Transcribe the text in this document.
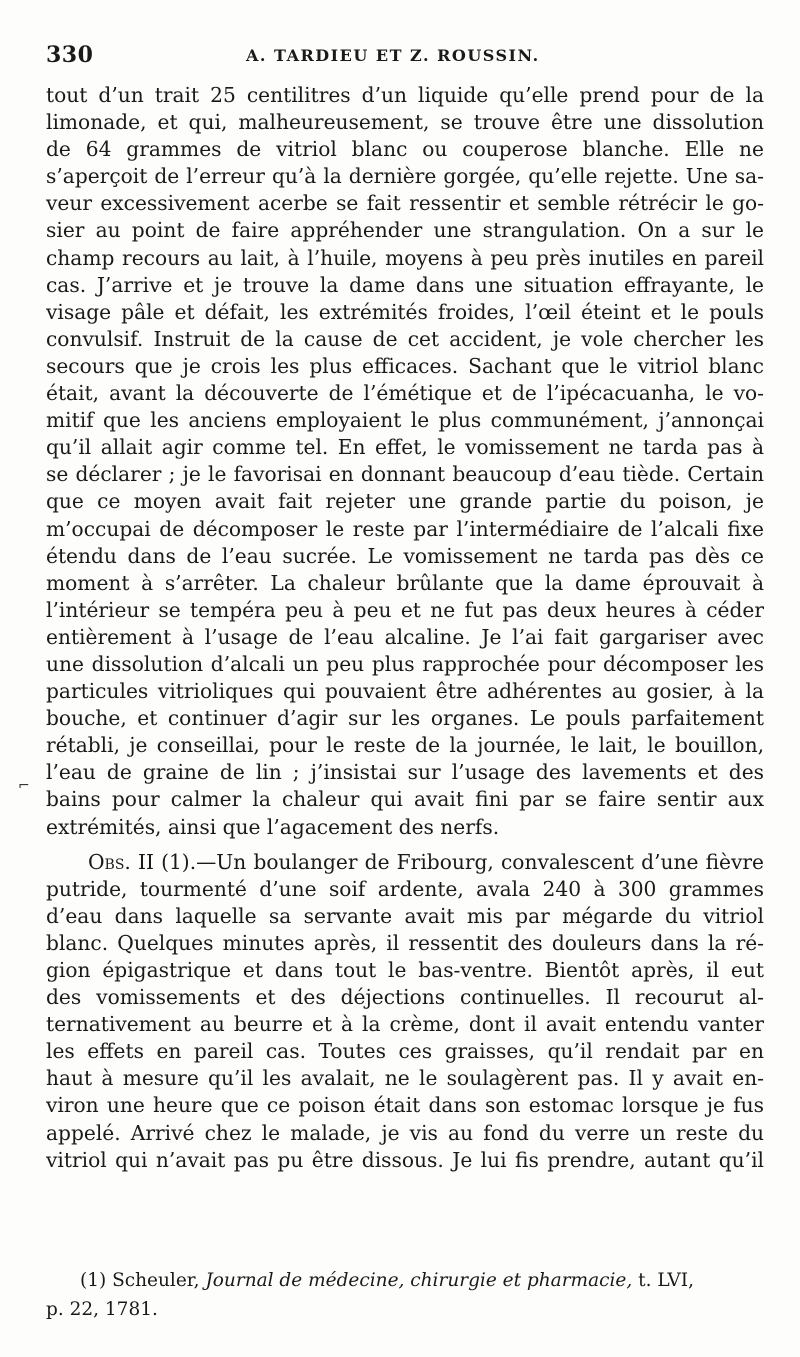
330	A. TARDIEU ET Z. ROUSSIN.
⌐
tout d’un trait 25 centilitres d’un liquide qu’elle prend pour de la
limonade, et qui, malheureusement, se trouve être une dissolution
de 64 grammes de vitriol blanc ou couperose blanche. Elle ne
s’aperçoit de l’erreur qu’à la dernière gorgée, qu’elle rejette. Une sa-
veur excessivement acerbe se fait ressentir et semble rétrécir le go-
sier au point de faire appréhender une strangulation. On a sur le
champ recours au lait, à l’huile, moyens à peu près inutiles en pareil
cas. J’arrive et je trouve la dame dans une situation effrayante, le
visage pâle et défait, les extrémités froides, l’œil éteint et le pouls
convulsif. Instruit de la cause de cet accident, je vole chercher les
secours que je crois les plus efficaces. Sachant que le vitriol blanc
était, avant la découverte de l’émétique et de l’ipécacuanha, le vo-
mitif que les anciens employaient le plus communément, j’annonçai
qu’il allait agir comme tel. En effet, le vomissement ne tarda pas à
se déclarer ; je le favorisai en donnant beaucoup d’eau tiède. Certain
que ce moyen avait fait rejeter une grande partie du poison, je
m’occupai de décomposer le reste par l’intermédiaire de l’alcali fixe
étendu dans de l’eau sucrée. Le vomissement ne tarda pas dès ce
moment à s’arrêter. La chaleur brûlante que la dame éprouvait à
l’intérieur se tempéra peu à peu et ne fut pas deux heures à céder
entièrement à l’usage de l’eau alcaline. Je l’ai fait gargariser avec
une dissolution d’alcali un peu plus rapprochée pour décomposer les
particules vitrioliques qui pouvaient être adhérentes au gosier, à la
bouche, et continuer d’agir sur les organes. Le pouls parfaitement
rétabli, je conseillai, pour le reste de la journée, le lait, le bouillon,
l’eau de graine de lin ; j’insistai sur l’usage des lavements et des
bains pour calmer la chaleur qui avait fini par se faire sentir aux
extrémités, ainsi que l’agacement des nerfs.
Obs. II (1).—Un boulanger de Fribourg, convalescent d’une fièvre
putride, tourmenté d’une soif ardente, avala 240 à 300 grammes
d’eau dans laquelle sa servante avait mis par mégarde du vitriol
blanc. Quelques minutes après, il ressentit des douleurs dans la ré-
gion épigastrique et dans tout le bas-ventre. Bientôt après, il eut
des vomissements et des déjections continuelles. Il recourut al-
ternativement au beurre et à la crème, dont il avait entendu vanter
les effets en pareil cas. Toutes ces graisses, qu’il rendait par en
haut à mesure qu’il les avalait, ne le soulagèrent pas. Il y avait en-
viron une heure que ce poison était dans son estomac lorsque je fus
appelé. Arrivé chez le malade, je vis au fond du verre un reste du
vitriol qui n’avait pas pu être dissous. Je lui fis prendre, autant qu’il
(1) Scheuler, Journal de médecine, chirurgie et pharmacie, t. LVI,
p. 22, 1781.
